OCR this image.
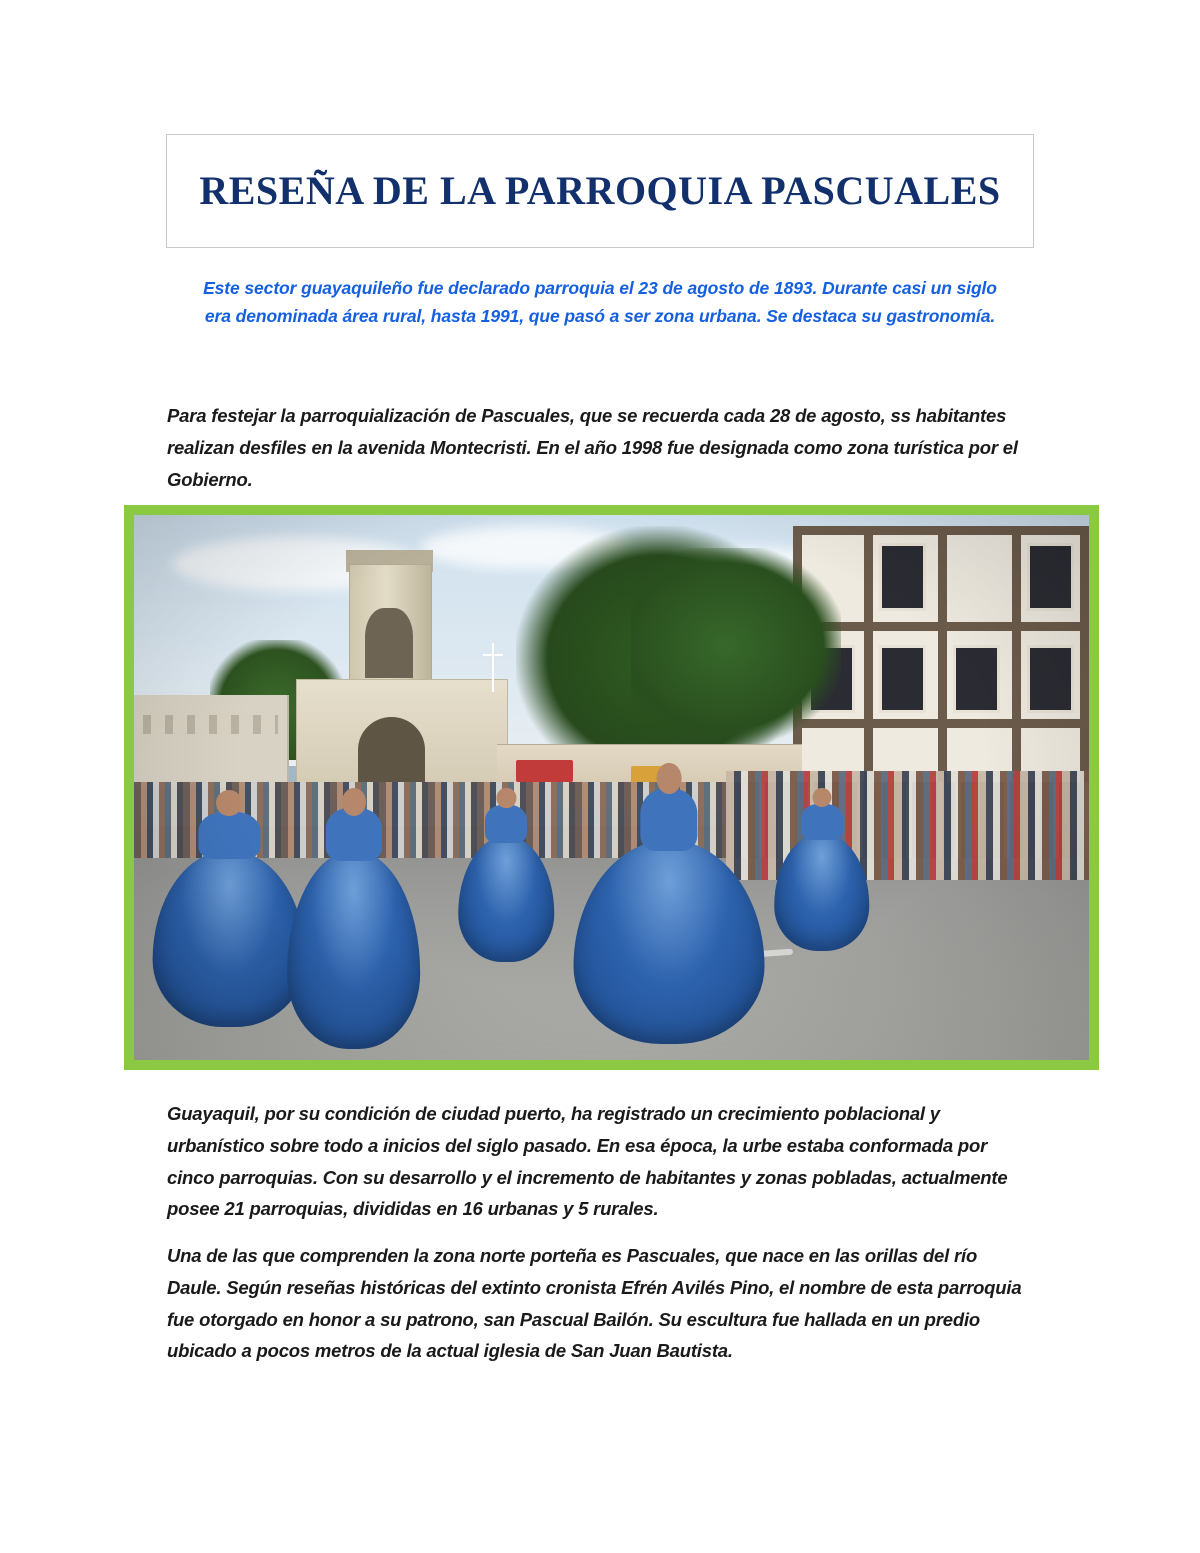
RESEÑA DE LA PARROQUIA PASCUALES
Este sector guayaquileño fue declarado parroquia el 23 de agosto de 1893. Durante casi un siglo era denominada área rural, hasta 1991, que pasó a ser zona urbana. Se destaca su gastronomía.
Para festejar la parroquialización de Pascuales, que se recuerda cada 28 de agosto, ss habitantes realizan desfiles en la avenida Montecristi. En el año 1998 fue designada como zona turística por el Gobierno.
Guayaquil, por su condición de ciudad puerto, ha registrado un crecimiento poblacional y urbanístico sobre todo a inicios del siglo pasado. En esa época, la urbe estaba conformada por cinco parroquias. Con su desarrollo y el incremento de habitantes y zonas pobladas, actualmente posee 21 parroquias, divididas en 16 urbanas y 5 rurales.
Una de las que comprenden la zona norte porteña es Pascuales, que nace en las orillas del río Daule. Según reseñas históricas del extinto cronista Efrén Avilés Pino, el nombre de esta parroquia fue otorgado en honor a su patrono, san Pascual Bailón. Su escultura fue hallada en un predio ubicado a pocos metros de la actual iglesia de San Juan Bautista.
